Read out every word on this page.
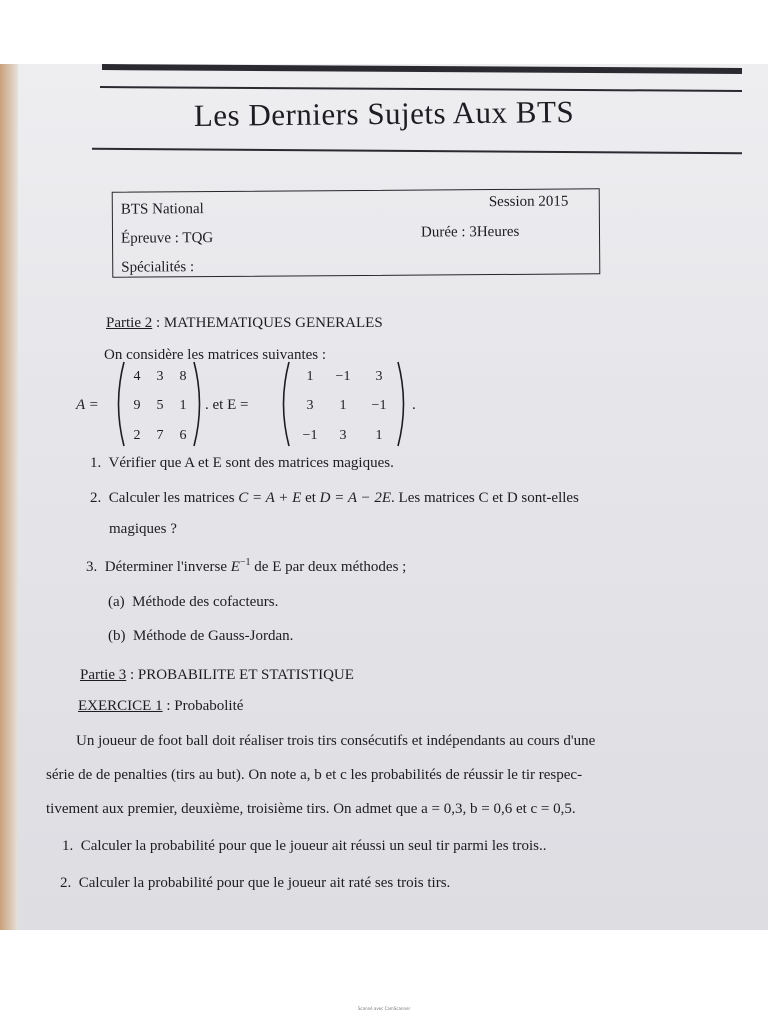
Les Derniers Sujets Aux BTS
BTS National	Session 2015
Épreuve : TQG	Durée : 3Heures
Spécialités :
Partie 2 : MATHEMATIQUES GENERALES
On considère les matrices suivantes :
A =
4	3	8
9	5	1
2	7	6
. et E =
1	−1	3
3	1	−1
−1	3	1
.
1. Vérifier que A et E sont des matrices magiques.
2. Calculer les matrices C = A + E et D = A − 2E. Les matrices C et D sont-elles
magiques ?
3. Déterminer l'inverse $E^{-1}$ de E par deux méthodes ;
(a) Méthode des cofacteurs.
(b) Méthode de Gauss-Jordan.
Partie 3 : PROBABILITE ET STATISTIQUE
EXERCICE 1 : Probabolité
Un joueur de foot ball doit réaliser trois tirs consécutifs et indépendants au cours d'une
série de de penalties (tirs au but). On note a, b et c les probabilités de réussir le tir respec-
tivement aux premier, deuxième, troisième tirs. On admet que a = 0,3, b = 0,6 et c = 0,5.
1. Calculer la probabilité pour que le joueur ait réussi un seul tir parmi les trois..
2. Calculer la probabilité pour que le joueur ait raté ses trois tirs.
Scanné avec CamScanner
